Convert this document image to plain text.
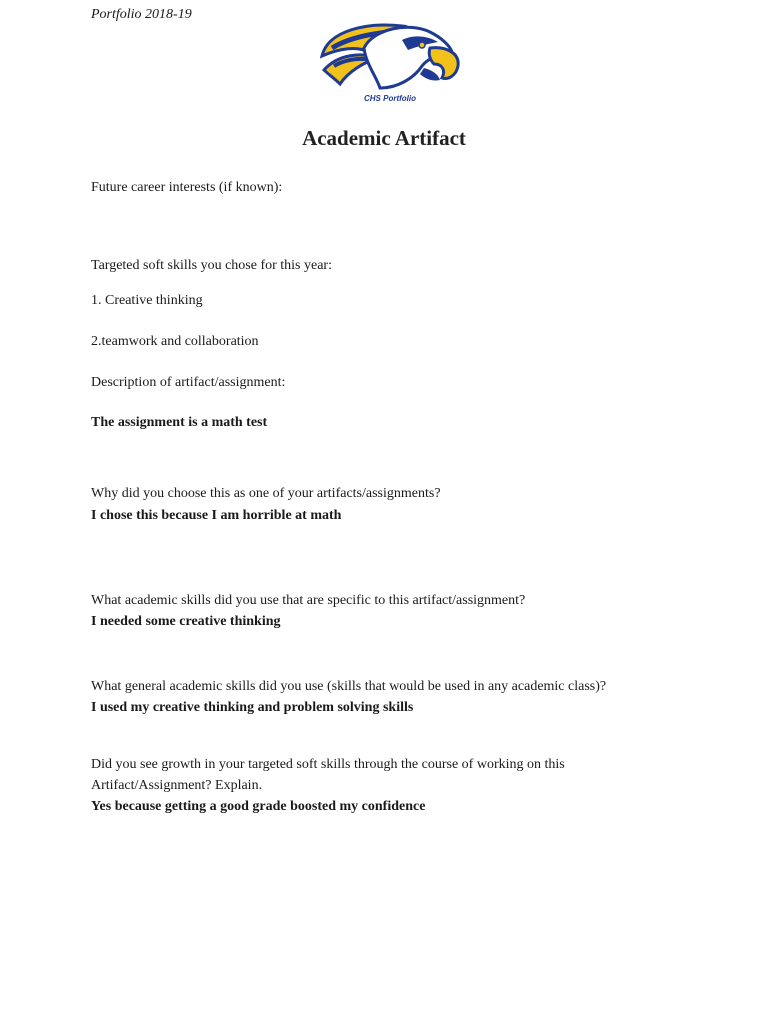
Portfolio 2018-19
CHS Portfolio
Academic Artifact
Future career interests (if known):
Targeted soft skills you chose for this year:
1. Creative thinking
2.teamwork and collaboration
Description of artifact/assignment:
The assignment is a math test
Why did you choose this as one of your artifacts/assignments?
I chose this because I am horrible at math
What academic skills did you use that are specific to this artifact/assignment?
I needed some creative thinking
What general academic skills did you use (skills that would be used in any academic class)?
I used my creative thinking and problem solving skills
Did you see growth in your targeted soft skills through the course of working on this
Artifact/Assignment? Explain.
Yes because getting a good grade boosted my confidence
